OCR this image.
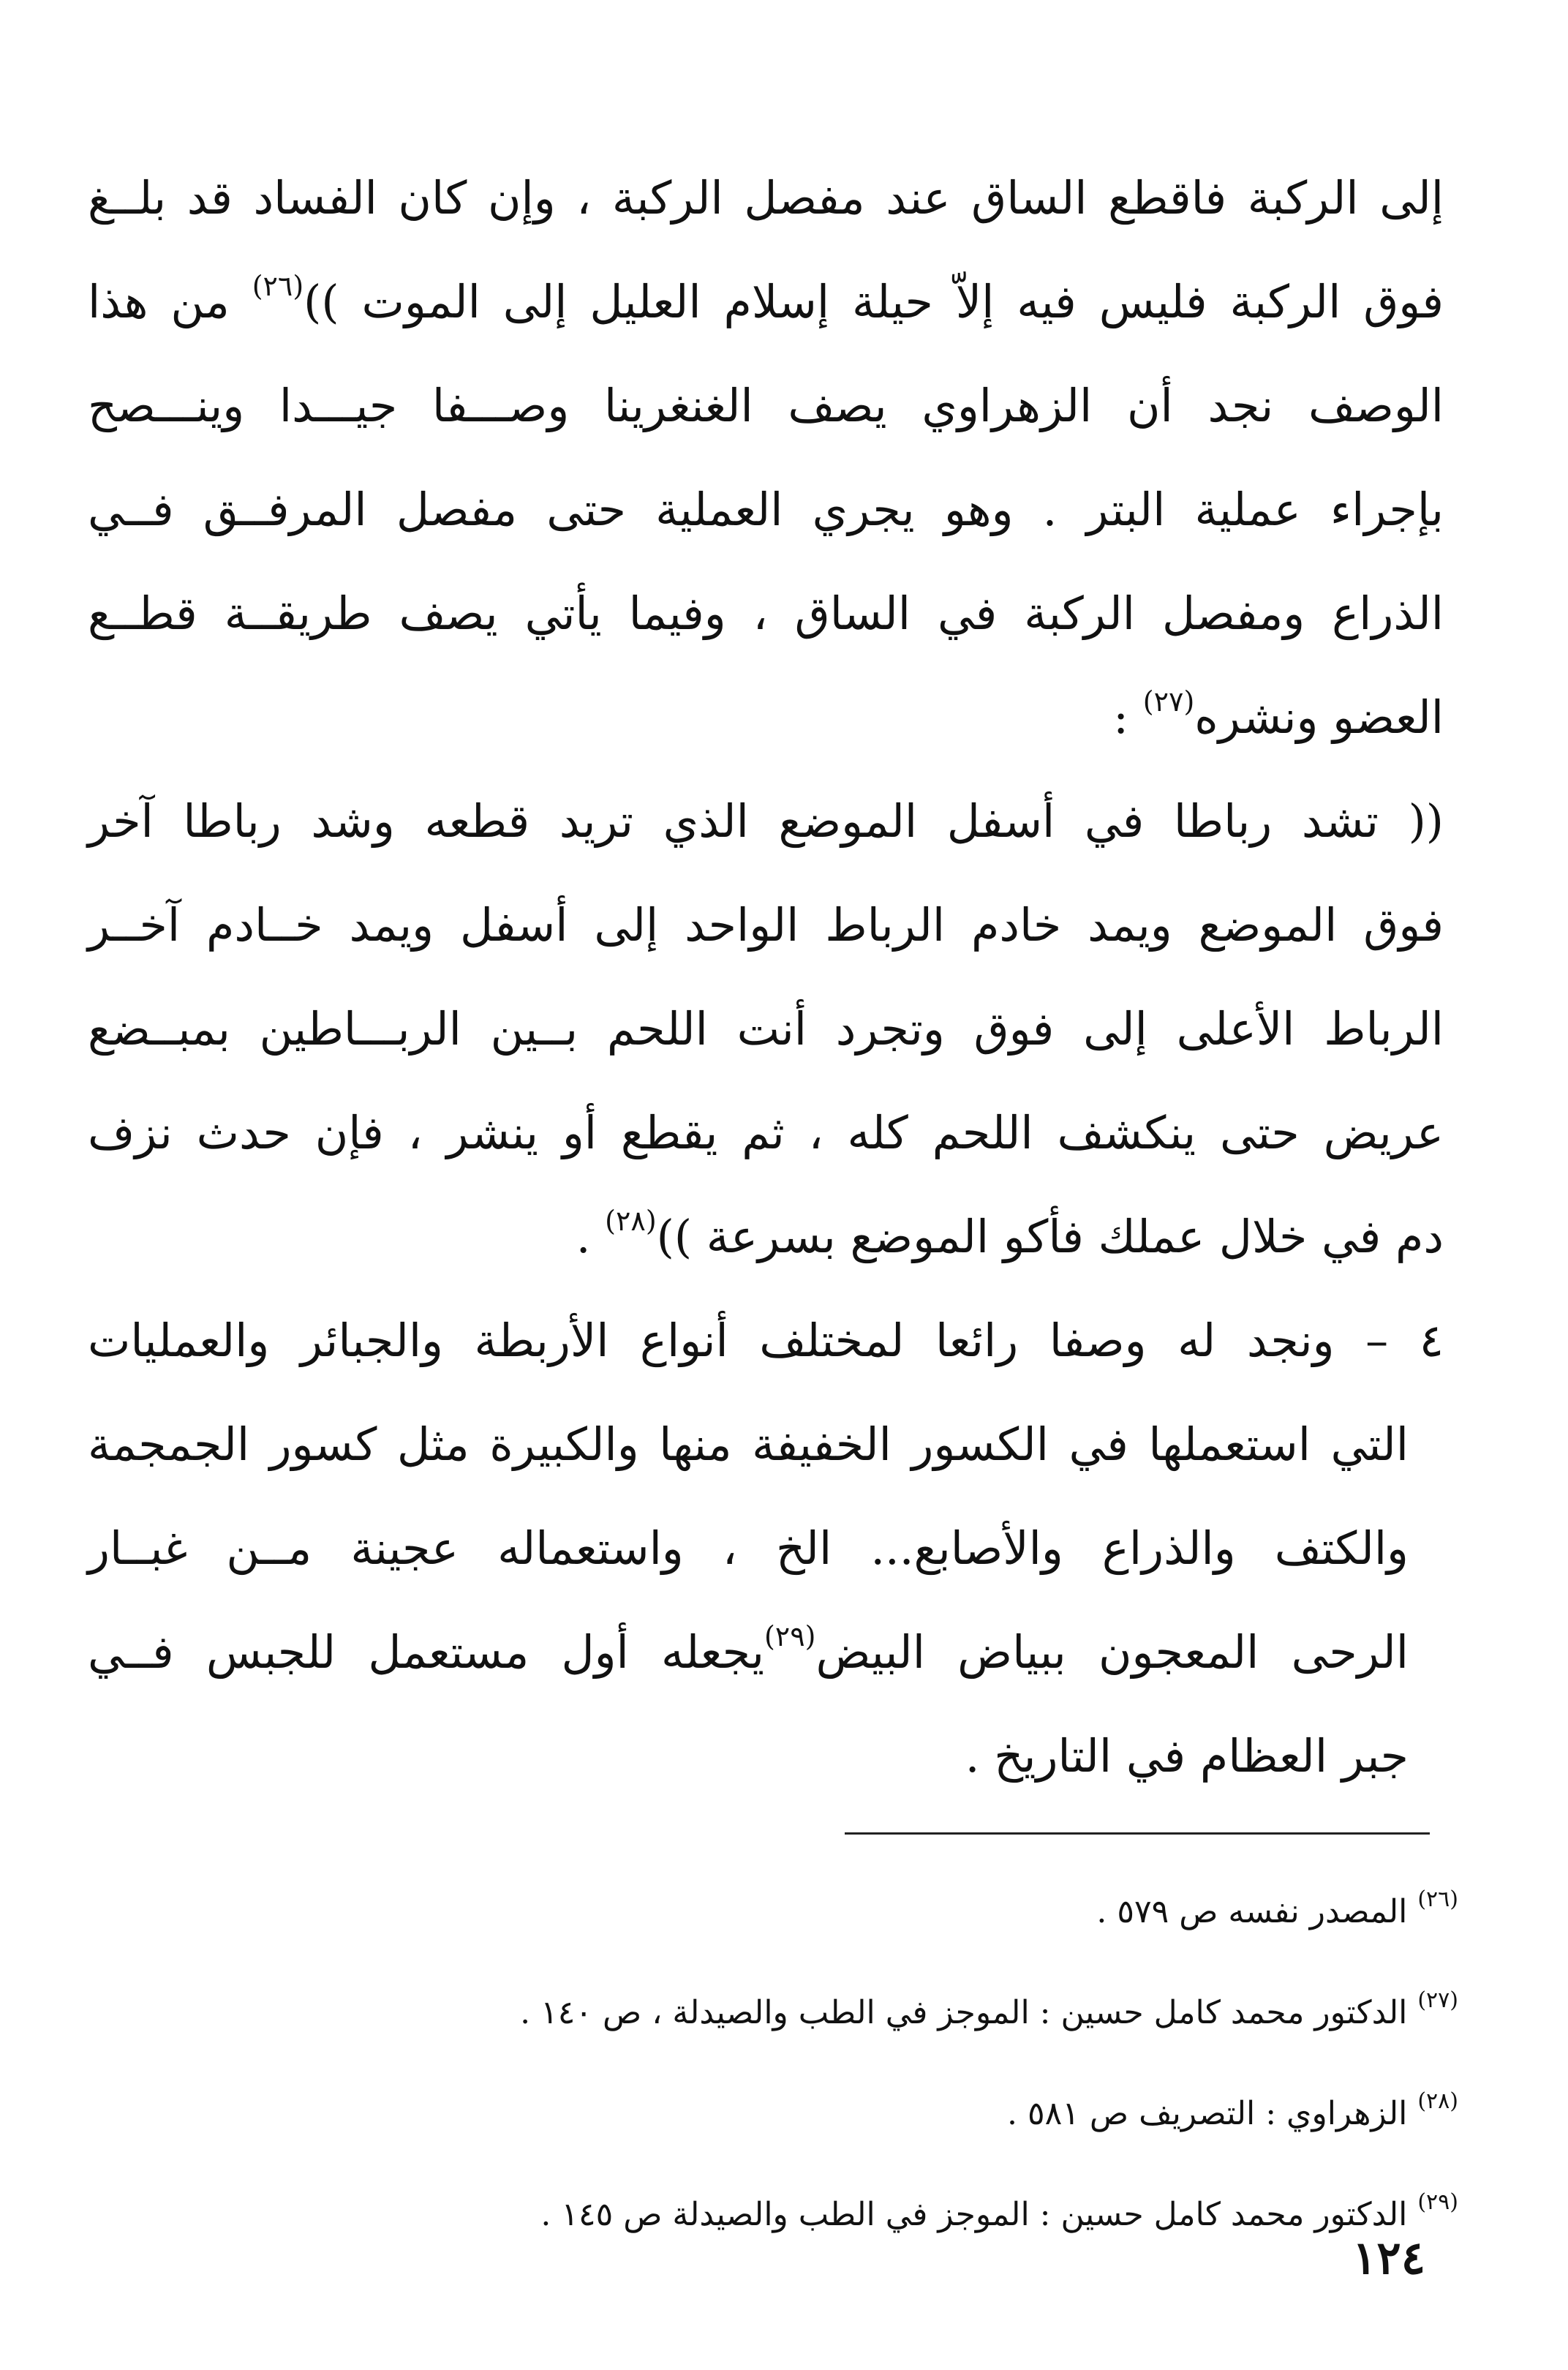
إلى الركبة فاقطع الساق عند مفصل الركبة ، وإن كان الفساد قد بلــغ
فوق الركبة فليس فيه إلاّ حيلة إسلام العليل إلى الموت ))$^{(٢٦)}$ من هذا
الوصف نجد أن الزهراوي يصف الغنغرينا وصـــفا جيـــدا وينـــصح
بإجراء عملية البتر . وهو يجري العملية حتى مفصل المرفــق فــي
الذراع ومفصل الركبة في الساق ، وفيما يأتي يصف طريقــة قطــع
العضو ونشره$^{(٢٧)}$ :
(( تشد رباطا في أسفل الموضع الذي تريد قطعه وشد رباطا آخر
فوق الموضع ويمد خادم الرباط الواحد إلى أسفل ويمد خــادم آخــر
الرباط الأعلى إلى فوق وتجرد أنت اللحم بــين الربـــاطين بمبــضع
عريض حتى ينكشف اللحم كله ، ثم يقطع أو ينشر ، فإن حدث نزف
دم في خلال عملك فأكو الموضع بسرعة ))$^{(٢٨)}$ .
٤ – ونجد له وصفا رائعا لمختلف أنواع الأربطة والجبائر والعمليات
التي استعملها في الكسور الخفيفة منها والكبيرة مثل كسور الجمجمة
والكتف والذراع والأصابع... الخ ، واستعماله عجينة مــن غبــار
الرحى المعجون ببياض البيض$^{(٢٩)}$يجعله أول مستعمل للجبس فــي
جبر العظام في التاريخ .
$^{(٢٦)}$ المصدر نفسه ص ٥٧٩ .
$^{(٢٧)}$ الدكتور محمد كامل حسين : الموجز في الطب والصيدلة ، ص ١٤٠ .
$^{(٢٨)}$ الزهراوي : التصريف ص ٥٨١ .
$^{(٢٩)}$ الدكتور محمد كامل حسين : الموجز في الطب والصيدلة ص ١٤٥ .
١٢٤
